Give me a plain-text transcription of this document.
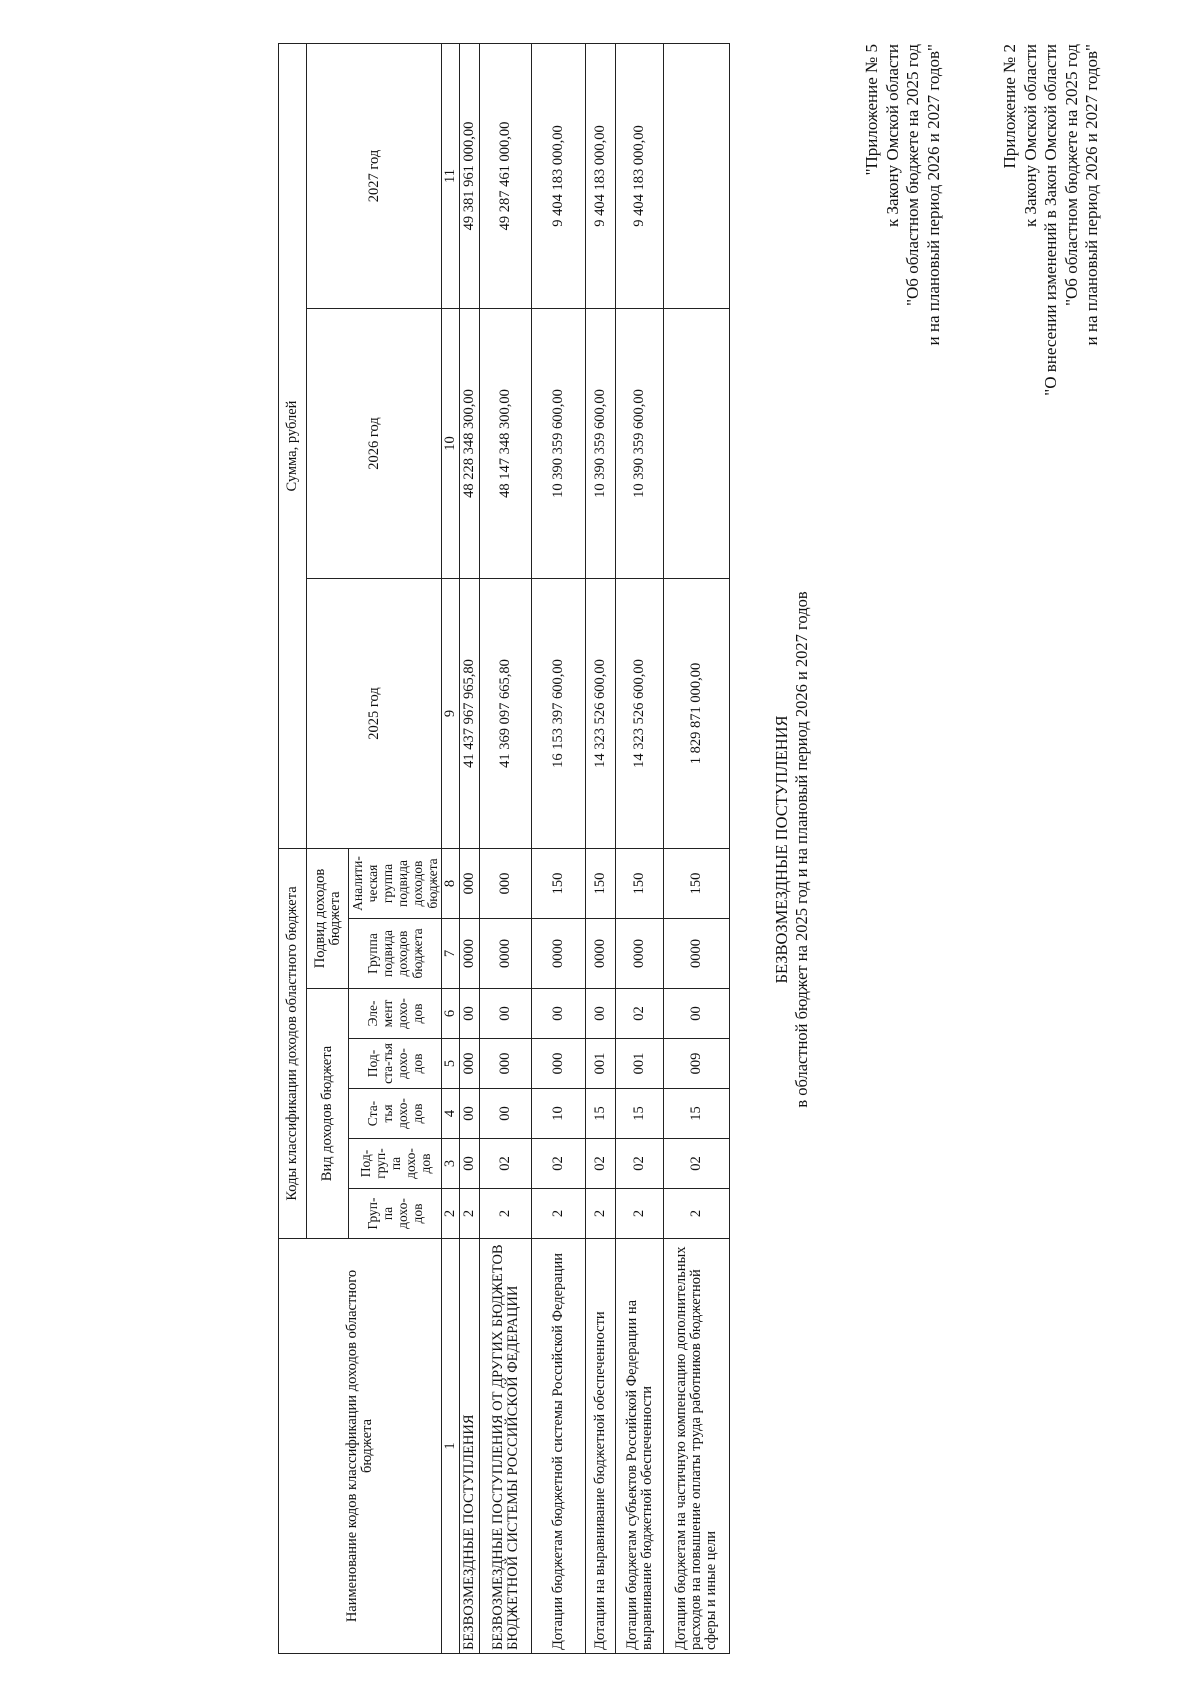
Приложение № 2 к Закону Омской области "О внесении изменений в Закон Омской области "Об областном бюджете на 2025 год и на плановый период 2026 и 2027 годов"
"Приложение № 5 к Закону Омской области "Об областном бюджете на 2025 год и на плановый период 2026 и 2027 годов"
БЕЗВОЗМЕЗДНЫЕ ПОСТУПЛЕНИЯ в областной бюджет на 2025 год и на плановый период 2026 и 2027 годов
Наименование кодов классификации доходов областного бюджета	Коды классификации доходов областного бюджета							Сумма, рублей		
	Вид доходов бюджета					Подвид доходов бюджета		2025 год	2026 год	2027 год
	Груп-па дохо-дов	Под-груп-па дохо-дов	Ста-тья дохо-дов	Под-ста-тья дохо-дов	Эле-мент дохо-дов	Группа подвида доходов бюджета	Аналити-ческая группа подвида доходов бюджета			
1	2	3	4	5	6	7	8	9	10	11
БЕЗВОЗМЕЗДНЫЕ ПОСТУПЛЕНИЯ	2	00	00	000	00	0000	000	41 437 967 965,80	48 228 348 300,00	49 381 961 000,00
БЕЗВОЗМЕЗДНЫЕ ПОСТУПЛЕНИЯ ОТ ДРУГИХ БЮДЖЕТОВ БЮДЖЕТНОЙ СИСТЕМЫ РОССИЙСКОЙ ФЕДЕРАЦИИ	2	02	00	000	00	0000	000	41 369 097 665,80	48 147 348 300,00	49 287 461 000,00
Дотации бюджетам бюджетной системы Российской Федерации	2	02	10	000	00	0000	150	16 153 397 600,00	10 390 359 600,00	9 404 183 000,00
Дотации на выравнивание бюджетной обеспеченности	2	02	15	001	00	0000	150	14 323 526 600,00	10 390 359 600,00	9 404 183 000,00
Дотации бюджетам субъектов Российской Федерации на выравнивание бюджетной обеспеченности	2	02	15	001	02	0000	150	14 323 526 600,00	10 390 359 600,00	9 404 183 000,00
Дотации бюджетам на частичную компенсацию дополнительных расходов на повышение оплаты труда работников бюджетной сферы и иные цели	2	02	15	009	00	0000	150	1 829 871 000,00		
